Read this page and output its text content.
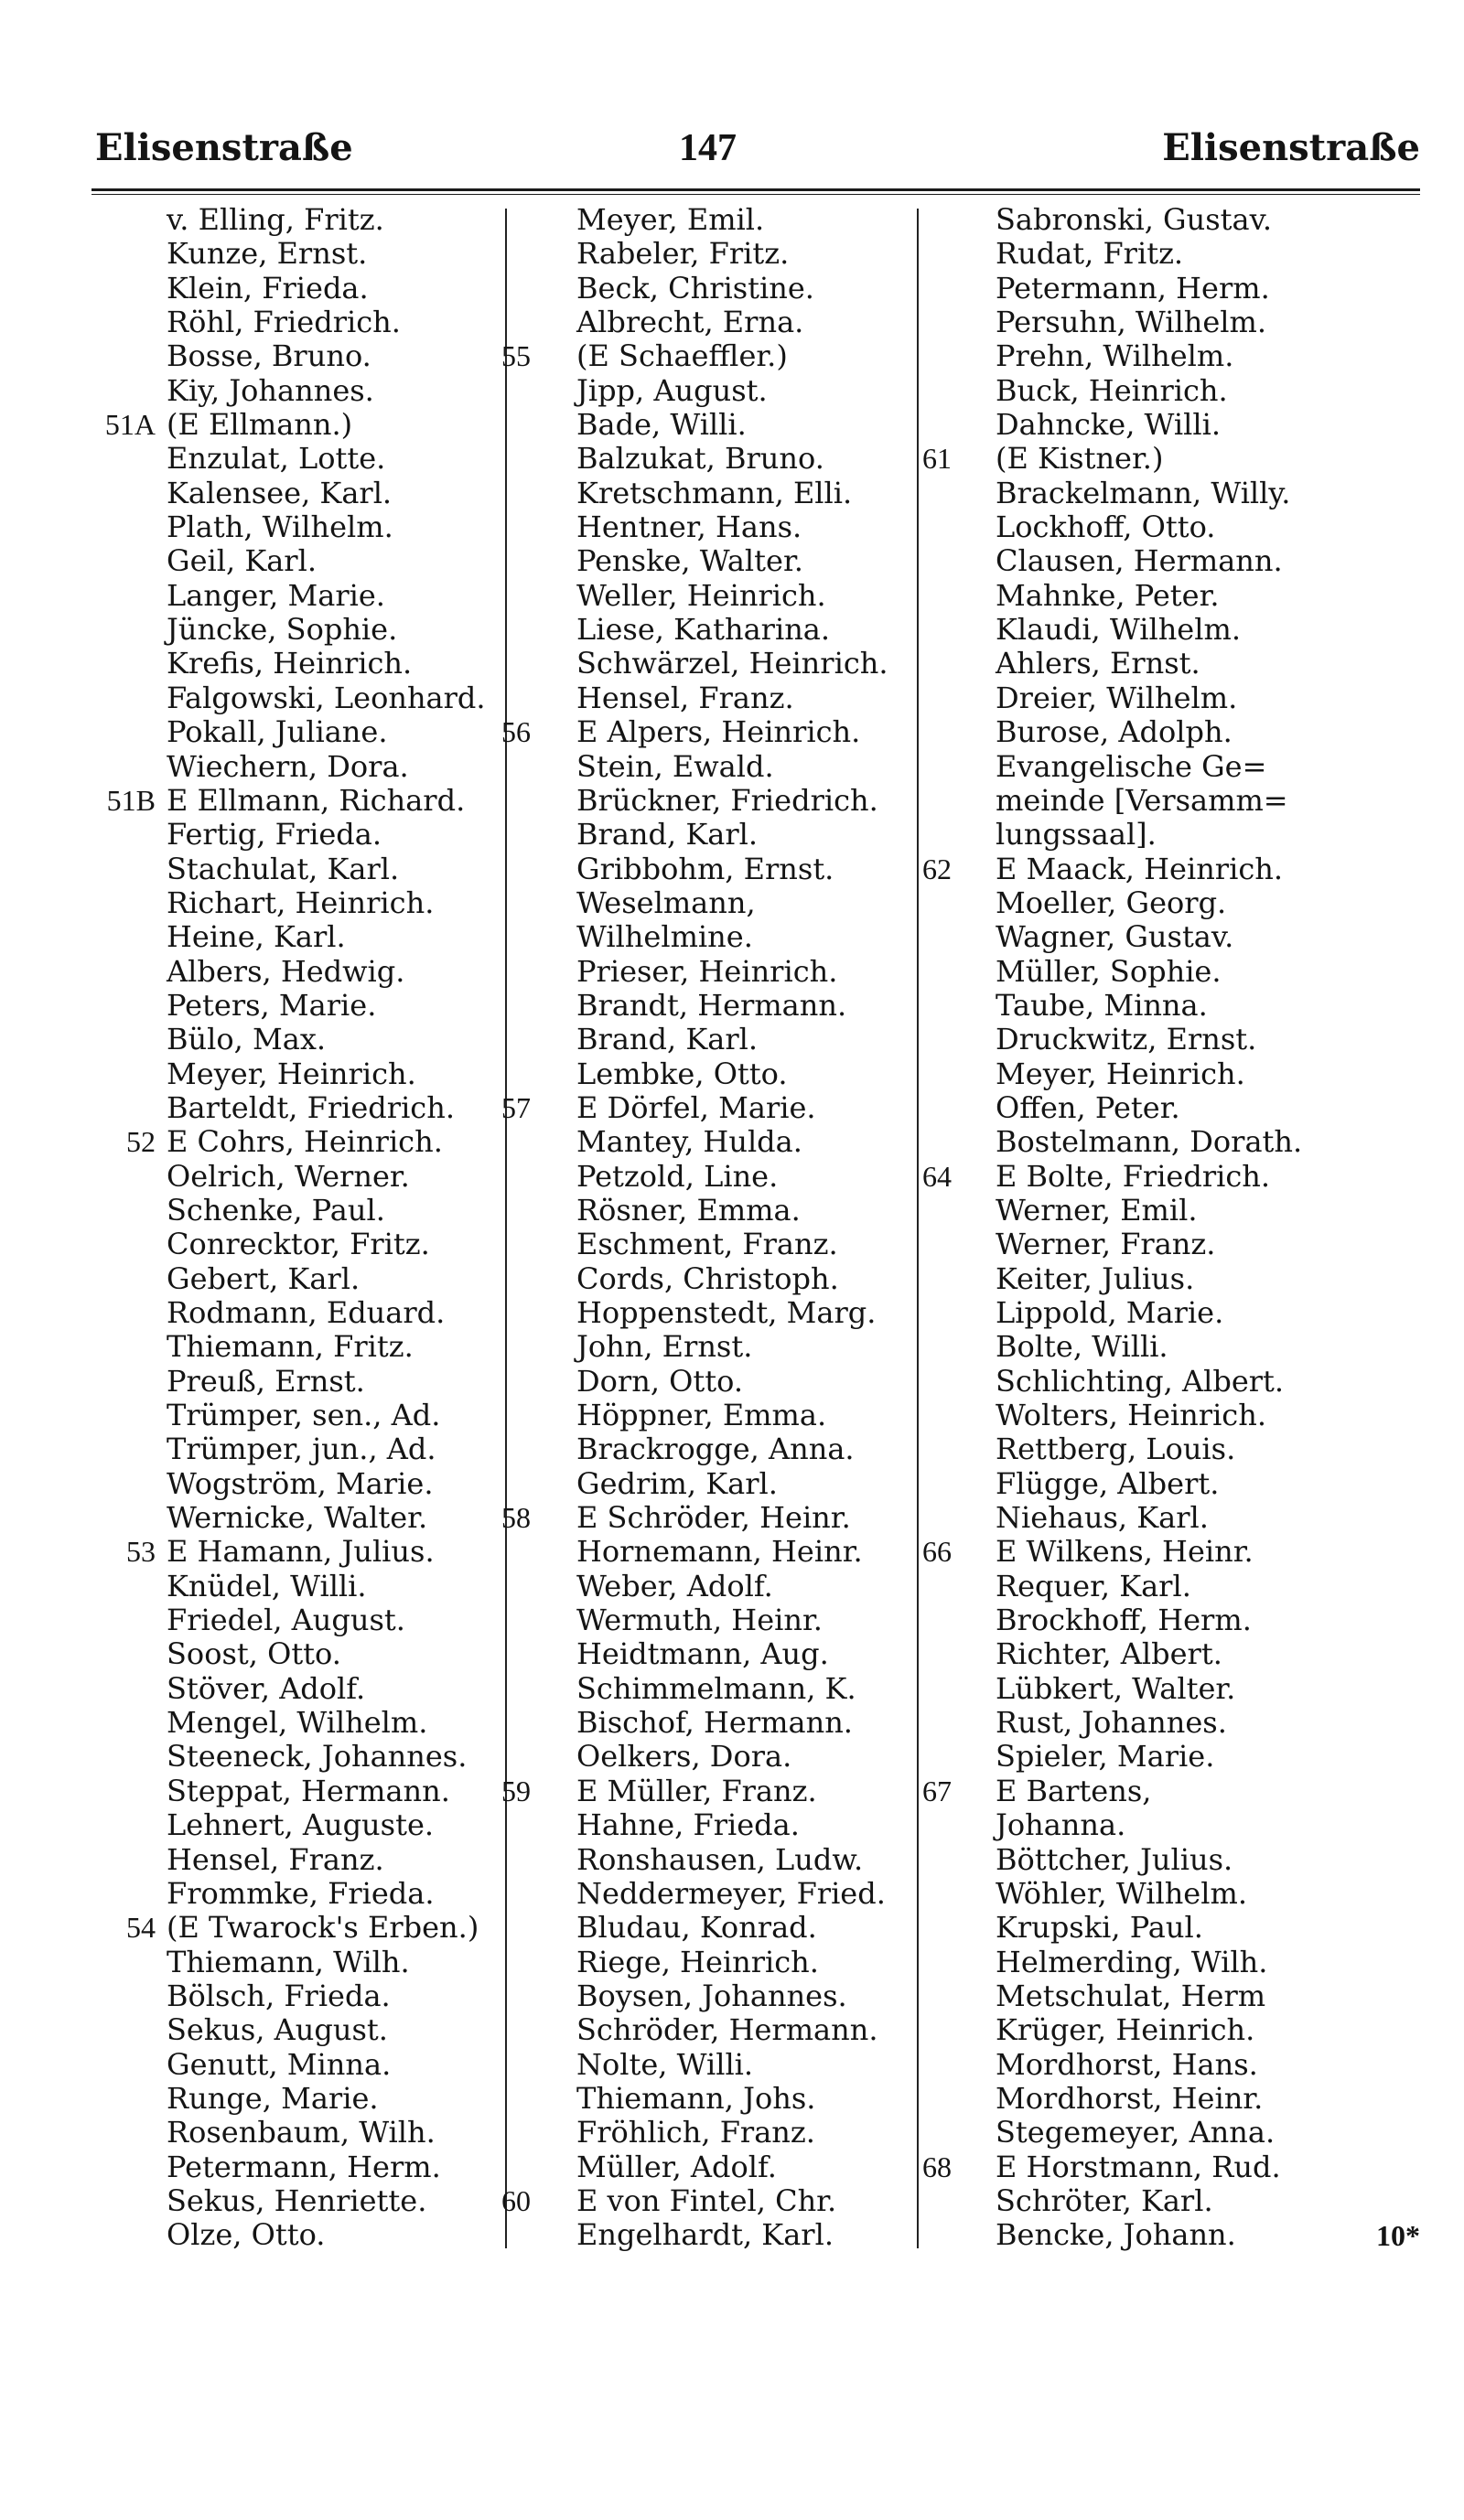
Elisenstraße	147	Elisenstraße
v. Elling, Fritz.
Kunze, Ernst.
Klein, Frieda.
Röhl, Friedrich.
Bosse, Bruno.
Kiy, Johannes.
51A (E Ellmann.)
Enzulat, Lotte.
Kalensee, Karl.
Plath, Wilhelm.
Geil, Karl.
Langer, Marie.
Jüncke, Sophie.
Krefis, Heinrich.
Falgowski, Leonhard.
Pokall, Juliane.
Wiechern, Dora.
51B E Ellmann, Richard.
Fertig, Frieda.
Stachulat, Karl.
Richart, Heinrich.
Heine, Karl.
Albers, Hedwig.
Peters, Marie.
Bülo, Max.
Meyer, Heinrich.
Barteldt, Friedrich.
52 E Cohrs, Heinrich.
Oelrich, Werner.
Schenke, Paul.
Conrecktor, Fritz.
Gebert, Karl.
Rodmann, Eduard.
Thiemann, Fritz.
Preuß, Ernst.
Trümper, sen., Ad.
Trümper, jun., Ad.
Wogström, Marie.
Wernicke, Walter.
53 E Hamann, Julius.
Knüdel, Willi.
Friedel, August.
Soost, Otto.
Stöver, Adolf.
Mengel, Wilhelm.
Steeneck, Johannes.
Steppat, Hermann.
Lehnert, Auguste.
Hensel, Franz.
Frommke, Frieda.
54 (E Twarock's Erben.)
Thiemann, Wilh.
Bölsch, Frieda.
Sekus, August.
Genutt, Minna.
Runge, Marie.
Rosenbaum, Wilh.
Petermann, Herm.
Sekus, Henriette.
Olze, Otto.
Meyer, Emil.
Rabeler, Fritz.
Beck, Christine.
Albrecht, Erna.
55 (E Schaeffler.)
Jipp, August.
Bade, Willi.
Balzukat, Bruno.
Kretschmann, Elli.
Hentner, Hans.
Penske, Walter.
Weller, Heinrich.
Liese, Katharina.
Schwärzel, Heinrich.
Hensel, Franz.
56 E Alpers, Heinrich.
Stein, Ewald.
Brückner, Friedrich.
Brand, Karl.
Gribbohm, Ernst.
Weselmann,
Wilhelmine.
Prieser, Heinrich.
Brandt, Hermann.
Brand, Karl.
Lembke, Otto.
57 E Dörfel, Marie.
Mantey, Hulda.
Petzold, Line.
Rösner, Emma.
Eschment, Franz.
Cords, Christoph.
Hoppenstedt, Marg.
John, Ernst.
Dorn, Otto.
Höppner, Emma.
Brackrogge, Anna.
Gedrim, Karl.
58 E Schröder, Heinr.
Hornemann, Heinr.
Weber, Adolf.
Wermuth, Heinr.
Heidtmann, Aug.
Schimmelmann, K.
Bischof, Hermann.
Oelkers, Dora.
59 E Müller, Franz.
Hahne, Frieda.
Ronshausen, Ludw.
Neddermeyer, Fried.
Bludau, Konrad.
Riege, Heinrich.
Boysen, Johannes.
Schröder, Hermann.
Nolte, Willi.
Thiemann, Johs.
Fröhlich, Franz.
Müller, Adolf.
60 E von Fintel, Chr.
Engelhardt, Karl.
Sabronski, Gustav.
Rudat, Fritz.
Petermann, Herm.
Persuhn, Wilhelm.
Prehn, Wilhelm.
Buck, Heinrich.
Dahncke, Willi.
61 (E Kistner.)
Brackelmann, Willy.
Lockhoff, Otto.
Clausen, Hermann.
Mahnke, Peter.
Klaudi, Wilhelm.
Ahlers, Ernst.
Dreier, Wilhelm.
Burose, Adolph.
Evangelische Ge=
meinde [Versamm=
lungssaal].
62 E Maack, Heinrich.
Moeller, Georg.
Wagner, Gustav.
Müller, Sophie.
Taube, Minna.
Druckwitz, Ernst.
Meyer, Heinrich.
Offen, Peter.
Bostelmann, Dorath.
64 E Bolte, Friedrich.
Werner, Emil.
Werner, Franz.
Keiter, Julius.
Lippold, Marie.
Bolte, Willi.
Schlichting, Albert.
Wolters, Heinrich.
Rettberg, Louis.
Flügge, Albert.
Niehaus, Karl.
66 E Wilkens, Heinr.
Requer, Karl.
Brockhoff, Herm.
Richter, Albert.
Lübkert, Walter.
Rust, Johannes.
Spieler, Marie.
67 E Bartens,
Johanna.
Böttcher, Julius.
Wöhler, Wilhelm.
Krupski, Paul.
Helmerding, Wilh.
Metschulat, Herm
Krüger, Heinrich.
Mordhorst, Hans.
Mordhorst, Heinr.
Stegemeyer, Anna.
68 E Horstmann, Rud.
Schröter, Karl.
Bencke, Johann.	10*
